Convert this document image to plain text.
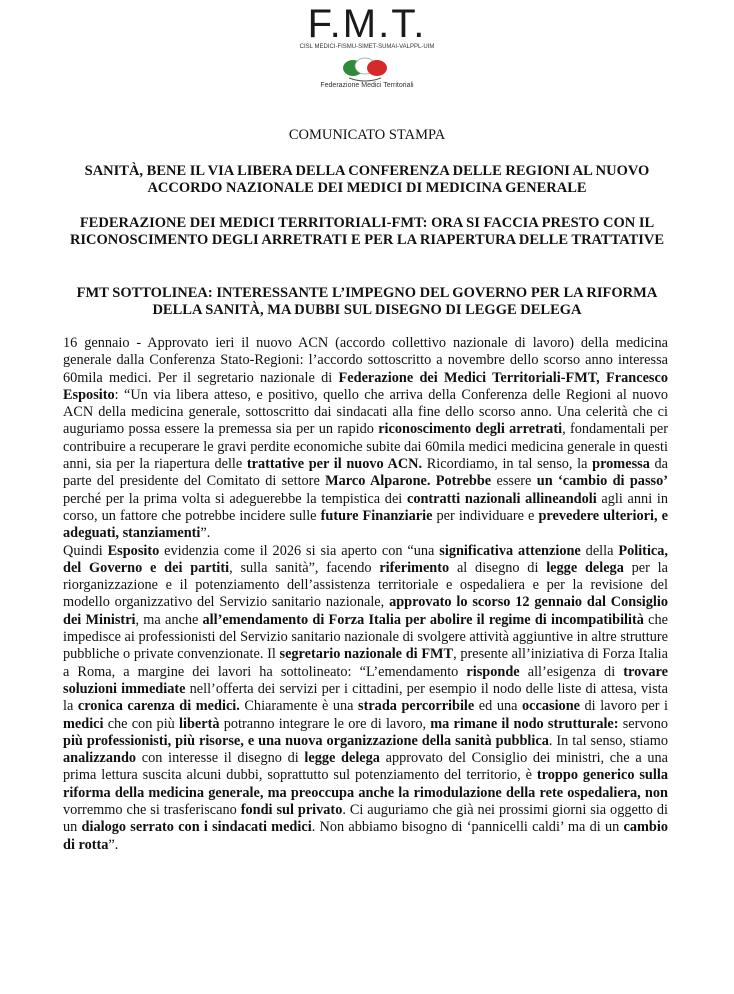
F.M.T.
CISL MEDICI-FISMU-SIMET-SUMAI-VALPPL-UIM
Federazione Medici Territoriali
COMUNICATO STAMPA
SANITÀ, BENE IL VIA LIBERA DELLA CONFERENZA DELLE REGIONI AL NUOVO ACCORDO NAZIONALE DEI MEDICI DI MEDICINA GENERALE
FEDERAZIONE DEI MEDICI TERRITORIALI-FMT: ORA SI FACCIA PRESTO CON IL RICONOSCIMENTO DEGLI ARRETRATI E PER LA RIAPERTURA DELLE TRATTATIVE
FMT SOTTOLINEA: INTERESSANTE L’IMPEGNO DEL GOVERNO PER LA RIFORMA DELLA SANITÀ, MA DUBBI SUL DISEGNO DI LEGGE DELEGA

16 gennaio - Approvato ieri il nuovo ACN (accordo collettivo nazionale di lavoro) della medicina generale dalla Conferenza Stato-Regioni: l’accordo sottoscritto a novembre dello scorso anno interessa 60mila medici. Per il segretario nazionale di Federazione dei Medici Territoriali-FMT, Francesco Esposito: “Un via libera atteso, e positivo, quello che arriva della Conferenza delle Regioni al nuovo ACN della medicina generale, sottoscritto dai sindacati alla fine dello scorso anno. Una celerità che ci auguriamo possa essere la premessa sia per un rapido riconoscimento degli arretrati, fondamentali per contribuire a recuperare le gravi perdite economiche subite dai 60mila medici medicina generale in questi anni, sia per la riapertura delle trattative per il nuovo ACN. Ricordiamo, in tal senso, la promessa da parte del presidente del Comitato di settore Marco Alparone. Potrebbe essere un ‘cambio di passo’ perché per la prima volta si adeguerebbe la tempistica dei contratti nazionali allineandoli agli anni in corso, un fattore che potrebbe incidere sulle future Finanziarie per individuare e prevedere ulteriori, e adeguati, stanziamenti”.

Quindi Esposito evidenzia come il 2026 si sia aperto con “una significativa attenzione della Politica, del Governo e dei partiti, sulla sanità”, facendo riferimento al disegno di legge delega per la riorganizzazione e il potenziamento dell’assistenza territoriale e ospedaliera e per la revisione del modello organizzativo del Servizio sanitario nazionale, approvato lo scorso 12 gennaio dal Consiglio dei Ministri, ma anche all’emendamento di Forza Italia per abolire il regime di incompatibilità che impedisce ai professionisti del Servizio sanitario nazionale di svolgere attività aggiuntive in altre strutture pubbliche o private convenzionate. Il segretario nazionale di FMT, presente all’iniziativa di Forza Italia a Roma, a margine dei lavori ha sottolineato: “L’emendamento risponde all’esigenza di trovare soluzioni immediate nell’offerta dei servizi per i cittadini, per esempio il nodo delle liste di attesa, vista la cronica carenza di medici. Chiaramente è una strada percorribile ed una occasione di lavoro per i medici che con più libertà potranno integrare le ore di lavoro, ma rimane il nodo strutturale: servono più professionisti, più risorse, e una nuova organizzazione della sanità pubblica. In tal senso, stiamo analizzando con interesse il disegno di legge delega approvato del Consiglio dei ministri, che a una prima lettura suscita alcuni dubbi, soprattutto sul potenziamento del territorio, è troppo generico sulla riforma della medicina generale, ma preoccupa anche la rimodulazione della rete ospedaliera, non vorremmo che si trasferiscano fondi sul privato. Ci auguriamo che già nei prossimi giorni sia oggetto di un dialogo serrato con i sindacati medici. Non abbiamo bisogno di ‘pannicelli caldi’ ma di un cambio di rotta”.
